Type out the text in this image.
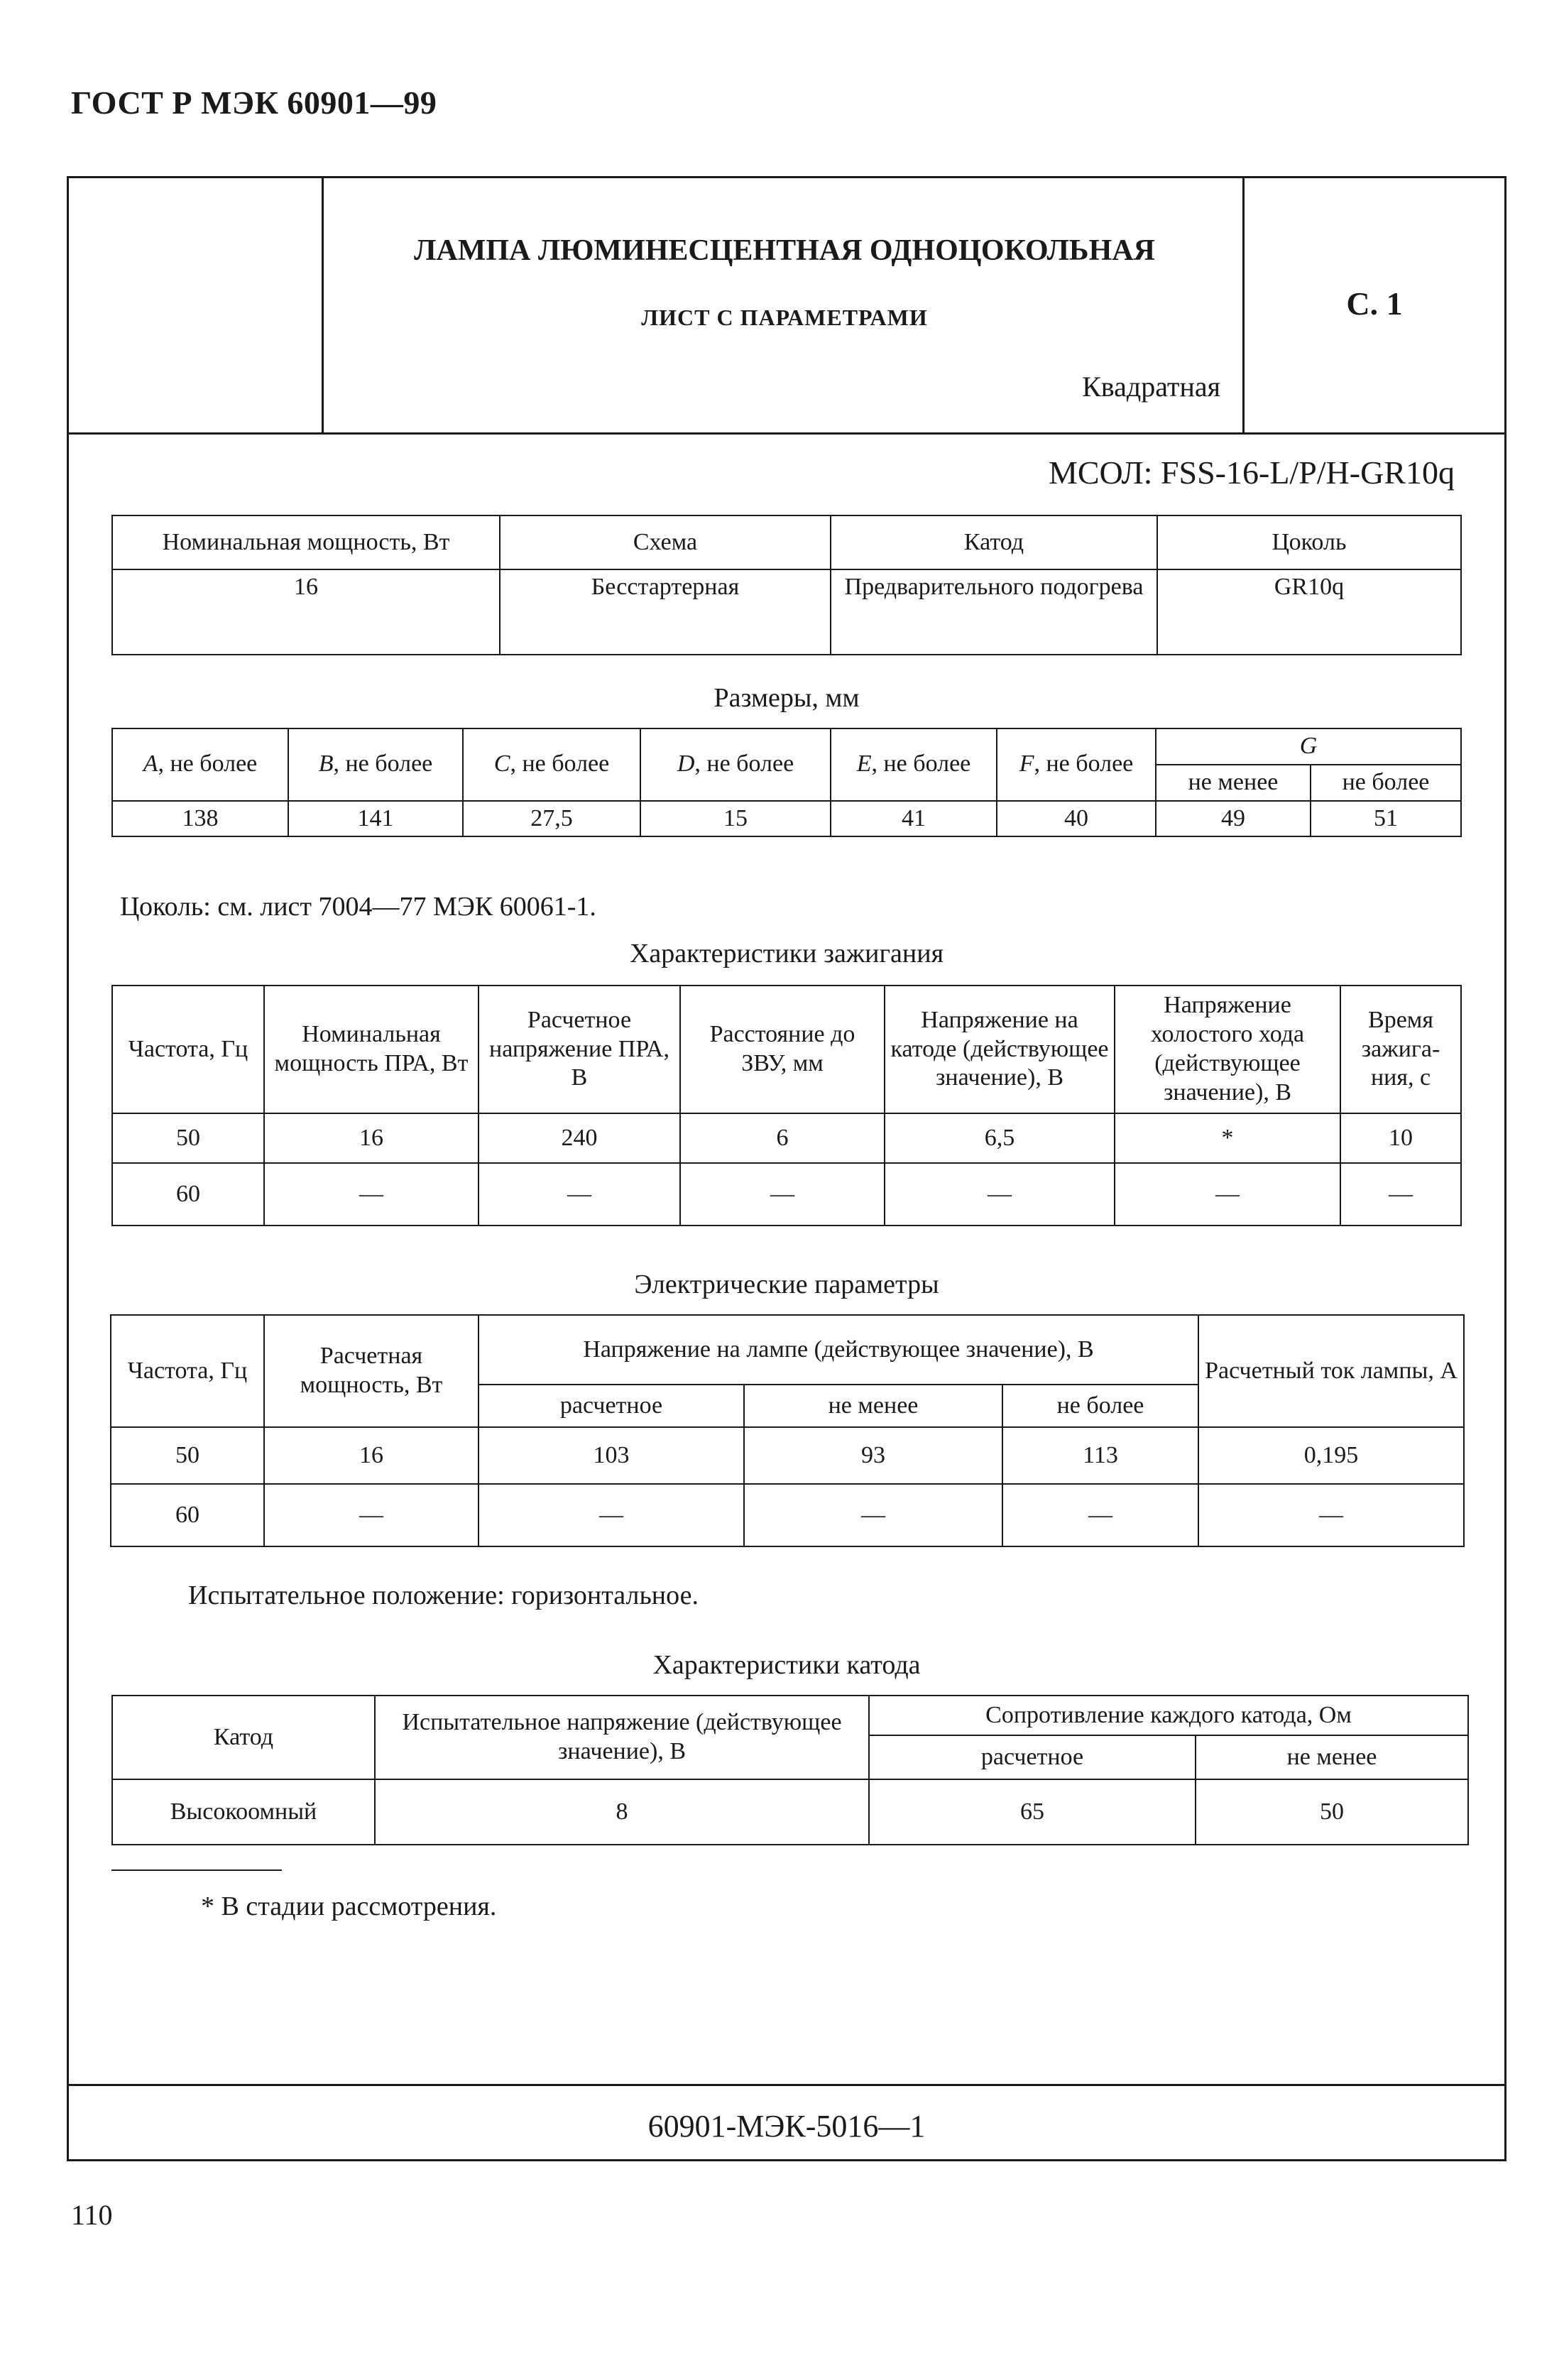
ГОСТ Р МЭК 60901—99
ЛАМПА ЛЮМИНЕСЦЕНТНАЯ ОДНОЦОКОЛЬНАЯ
ЛИСТ С ПАРАМЕТРАМИ
Квадратная
С. 1
МСОЛ: FSS-16-L/P/H-GR10q
Номинальная мощность, Вт	Схема	Катод	Цоколь
16	Бесстартерная	Предварительного подогрева	GR10q
Размеры, мм
A, не более	B, не более	C, не более	D, не более	E, не более	F, не более	G	
						не менее	не более
138	141	27,5	15	41	40	49	51
Цоколь: см. лист 7004—77 МЭК 60061-1.
Характеристики зажигания
Частота, Гц	Номинальная мощность ПРА, Вт	Расчетное напряжение ПРА, В	Расстояние до ЗВУ, мм	Напряжение на катоде (действующее значение), В	Напряжение холостого хода (действующее значение), В	Время зажига-ния, с
50	16	240	6	6,5	*	10
60	—	—	—	—	—	—
Электрические параметры
Частота, Гц	Расчетная мощность, Вт	Напряжение на лампе (действующее значение), В			Расчетный ток лампы, А
		расчетное	не менее	не более	
50	16	103	93	113	0,195
60	—	—	—	—	—
Испытательное положение: горизонтальное.
Характеристики катода
Катод	Испытательное напряжение (действующее значение), В	Сопротивление каждого катода, Ом	
		расчетное	не менее
Высокоомный	8	65	50
* В стадии рассмотрения.
60901-МЭК-5016—1
110
